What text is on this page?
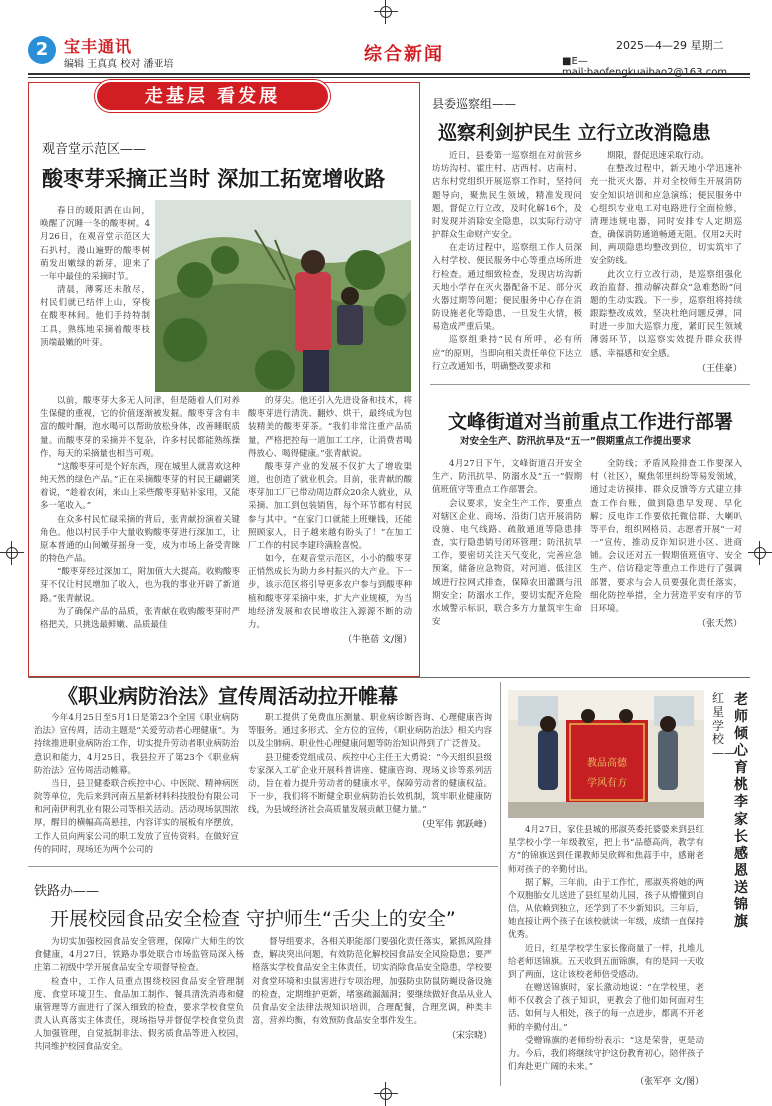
2 宝丰通讯
编辑 王真真 校对 潘亚培	综合新闻	2025—4—29 星期二
■E—
走基层 看发展
观音堂示范区——
酸枣芽采摘正当时 深加工拓宽增收路

春日的暖阳洒在山间，唤醒了沉睡一冬的酸枣树。4月26日，在观音堂示范区大石扒村，漫山遍野的酸枣树萌发出嫩绿的新芽，迎来了一年中最佳的采摘时节。

清晨，薄雾还未散尽，村民们就已结伴上山，穿梭在酸枣林间。他们手持特制工具，熟练地采摘着酸枣枝顶端最嫩的叶芽。

以前，酸枣芽大多无人问津，但是随着人们对养生保健的重视，它的价值逐渐被发掘。酸枣芽含有丰富的酸叶酮，泡水喝可以帮助放松身体，改善睡眠质量。而酸枣芽的采摘并不复杂，许多村民都能熟练操作，每天的采摘量也相当可观。

“这酸枣芽可是个好东西，现在城里人就喜欢这种纯天然的绿色产品。”正在采摘酸枣芽的村民王翩翩笑着说，“趁着农闲，来山上采些酸枣芽贴补家用，又能多一笔收入。”

在众多村民忙碌采摘的背后，张青献扮演着关键角色。他以村民手中大量收购酸枣芽进行深加工，让原本普通的山间嫩芽摇身一变，成为市场上备受青睐的特色产品。

“酸枣芽经过深加工，附加值大大提高。收购酸枣芽不仅让村民增加了收入，也为我的事业开辟了新道路。”张青献说。

为了确保产品的品质，张青献在收购酸枣芽时严格把关，只挑选最鲜嫩、品质最佳

的芽尖。他还引入先进设备和技术，将酸枣芽进行清洗、翻炒、烘干，最终成为包装精美的酸枣芽茶。“我们非常注重产品质量，严格把控每一道加工工序，让消费者喝得放心、喝得健康。”张青献说。

酸枣芽产业的发展不仅扩大了增收渠道，也创造了就业机会。目前，张青献的酸枣芽加工厂已带动周边群众20余人就业，从采摘、加工到包装销售，每个环节都有村民参与其中。“在家门口就能上班赚钱，还能照顾家人，日子越来越有盼头了！”在加工厂工作的村民李建玲满脸喜悦。

如今，在观音堂示范区，小小的酸枣芽正悄然成长为助力乡村振兴的大产业。下一步，该示范区将引导更多农户参与到酸枣种植和酸枣芽采摘中来，扩大产业规模，为当地经济发展和农民增收注入源源不断的动力。

（牛艳蓓 文/图）
县委巡察组——
巡察利剑护民生 立行立改消隐患

近日，县委第一巡察组在对前营乡坊坊沟村、霍庄村、店西村、店南村、店东村党组织开展巡察工作时，坚持问题导向，聚焦民生领域，精准发现问题，督促立行立改，及时化解16个，及时发现并消除安全隐患，以实际行动守护群众生命财产安全。

在走访过程中，巡察组工作人员深入村学校、便民服务中心等重点场所进行检查。通过细致检查，发现店坊沟新天地小学存在灭火器配备不足、部分灭火器过期等问题；便民服务中心存在消防设施老化等隐患，一旦发生火情，极易造成严重后果。

巡察组秉持“民有所呼，必有所应”的原则，当即向相关责任单位下达立行立改通知书，明确整改要求和

期限，督促迅速采取行动。

在整改过程中，新天地小学迅速补充一批灭火器，并对全校师生开展消防安全知识培训和应急演练；便民服务中心组织专业电工对电路进行全面检修，清理违规电器，同时安排专人定期巡查，确保消防通道畅通无阻。仅用2天时间，两项隐患均整改到位，切实筑牢了安全防线。

此次立行立改行动，是巡察组强化政治监督、推动解决群众“急难愁盼”问题的生动实践。下一步，巡察组将持续跟踪整改成效，坚决杜绝问题反弹，同时进一步加大巡察力度，紧盯民生领域薄弱环节，以巡察实效提升群众获得感、幸福感和安全感。

（王佳豪）
文峰街道对当前重点工作进行部署
对安全生产、防汛抗旱及“五一”假期重点工作提出要求

4月27日下午，文峰街道召开安全生产、防汛抗旱、防溺水及“五一”假期值班值守等重点工作部署会。

会议要求，安全生产工作，要重点对辖区企业、商场、沿街门店开展消防设施、电气线路、疏散通道等隐患排查，实行隐患销号闭环管理；防汛抗旱工作，要密切关注天气变化，完善应急预案，储备应急物资，对河道、低洼区域进行拉网式排查，保障农田灌溉与汛期安全；防溺水工作，要切实配齐危险水域警示标识，联合多方力量筑牢生命安

全防线；矛盾风险排查工作要深入村（社区），聚焦邻里纠纷等易发领域，通过走访摸排、群众反馈等方式建立排查工作台账，做到隐患早发现、早化解；反电诈工作要依托微信群、大喇叭等平台，组织网格员、志愿者开展“一对一”宣传，推动反诈知识进小区、进商铺。会议还对五一假期值班值守、安全生产、信访稳定等重点工作进行了强调部署，要求与会人员要强化责任落实，细化防控举措，全力营造平安有序的节日环境。

（张天然）
《职业病防治法》宣传周活动拉开帷幕

今年4月25日至5月1日是第23个全国《职业病防治法》宣传周，活动主题是“关爱劳动者心理健康”。为持续推进职业病防治工作，切实提升劳动者职业病防治意识和能力，4月25日，我县拉开了第23个《职业病防治法》宣传周活动帷幕。

当日，县卫健委联合疾控中心、中医院、精神病医院等单位，先后来到河南五星新材料科技股份有限公司和河南伊利乳业有限公司等相关活动。活动现场氛围浓厚，醒目的横幅高高悬挂，内容详实的展板有序摆放，工作人员向两家公司的职工发放了宣传资料。在做好宣传的同时，现场还为两个公司的

职工提供了免费血压测量、职业病诊断咨询、心理健康咨询等服务。通过多形式、全方位的宣传，《职业病防治法》相关内容以及尘肺病、职业性心理健康问题等防治知识得到了广泛普及。

县卫健委党组成员、疾控中心主任王大勇说：“今天组织县级专家深入工矿企业开展科普讲座、健康咨询、现场义诊等系列活动，旨在着力提升劳动者的健康水平，保障劳动者的健康权益。下一步，我们将不断健全职业病防治长效机制，筑牢职业健康防线，为县域经济社会高质量发展贡献卫健力量。”

（史军伟 郭跃峰）
铁路办——
开展校园食品安全检查 守护师生“舌尖上的安全”

为切实加强校园食品安全管理，保障广大师生的饮食健康，4月27日，铁路办事处联合市场监管局深入杨庄第二初级中学开展食品安全专项督导检查。

检查中，工作人员重点围绕校园食品安全管理制度、食堂环境卫生、食品加工制作、餐具清洗消毒和健康管理等方面进行了深入细致的检查，要求学校食堂负责人认真落实主体责任，现场指导并督促学校食堂负责人加强管理，自觉抵制非法、假劣质食品等进入校园，共同维护校园食品安全。

督导组要求，各相关职能部门要强化责任落实，紧抓风险排查，解决突出问题，有效防范化解校园食品安全风险隐患；要严格落实学校食品安全主体责任，切实消除食品安全隐患，学校要对食堂环境和虫鼠害进行专项治理，加强防虫防鼠防蝇设备设施的检查，定期维护更新，堵塞疏漏漏洞；要继续做好食品从业人员食品安全法律法规知识培训，合理配餐，合理烹调，种类丰富，营养均衡，有效预防食品安全事件发生。

（宋宗晓）
教品高德
学风有方
红星学校——
老师倾心育桃李 家长感恩送锦旗

4月27日，家住县城的邢淑英委托婆婆来到县红星学校小学一年级教室，把上书“品德高尚，教学有方”的锦旗送到任课教师吴欣辉和焦蒜手中，感谢老师对孩子的辛勤付出。

据了解，三年前，由于工作忙，邢淑英将她的两个双胞胎女儿送进了县红星幼儿园，孩子从懵懂到自信，从依赖到独立，还学到了不少新知识。三年后，她直接让两个孩子在该校就读一年级，成绩一直保持优秀。

近日，红星学校学生家长像商量了一样，扎堆儿给老师送锦旗。五天收到五面锦旗，有的是同一天收到了两面，这让该校老师倍受感动。

在赠送锦旗时，家长激动地说：“在学校里，老师不仅教会了孩子知识，更教会了他们如何面对生活、如何与人相处，孩子的每一点进步，都离不开老师的辛勤付出。”

受赠锦旗的老师纷纷表示：“这是荣誉，更是动力。今后，我们将继续守护这份教育初心，陪伴孩子们奔赴更广阔的未来。”

（张军亭 文/图）
